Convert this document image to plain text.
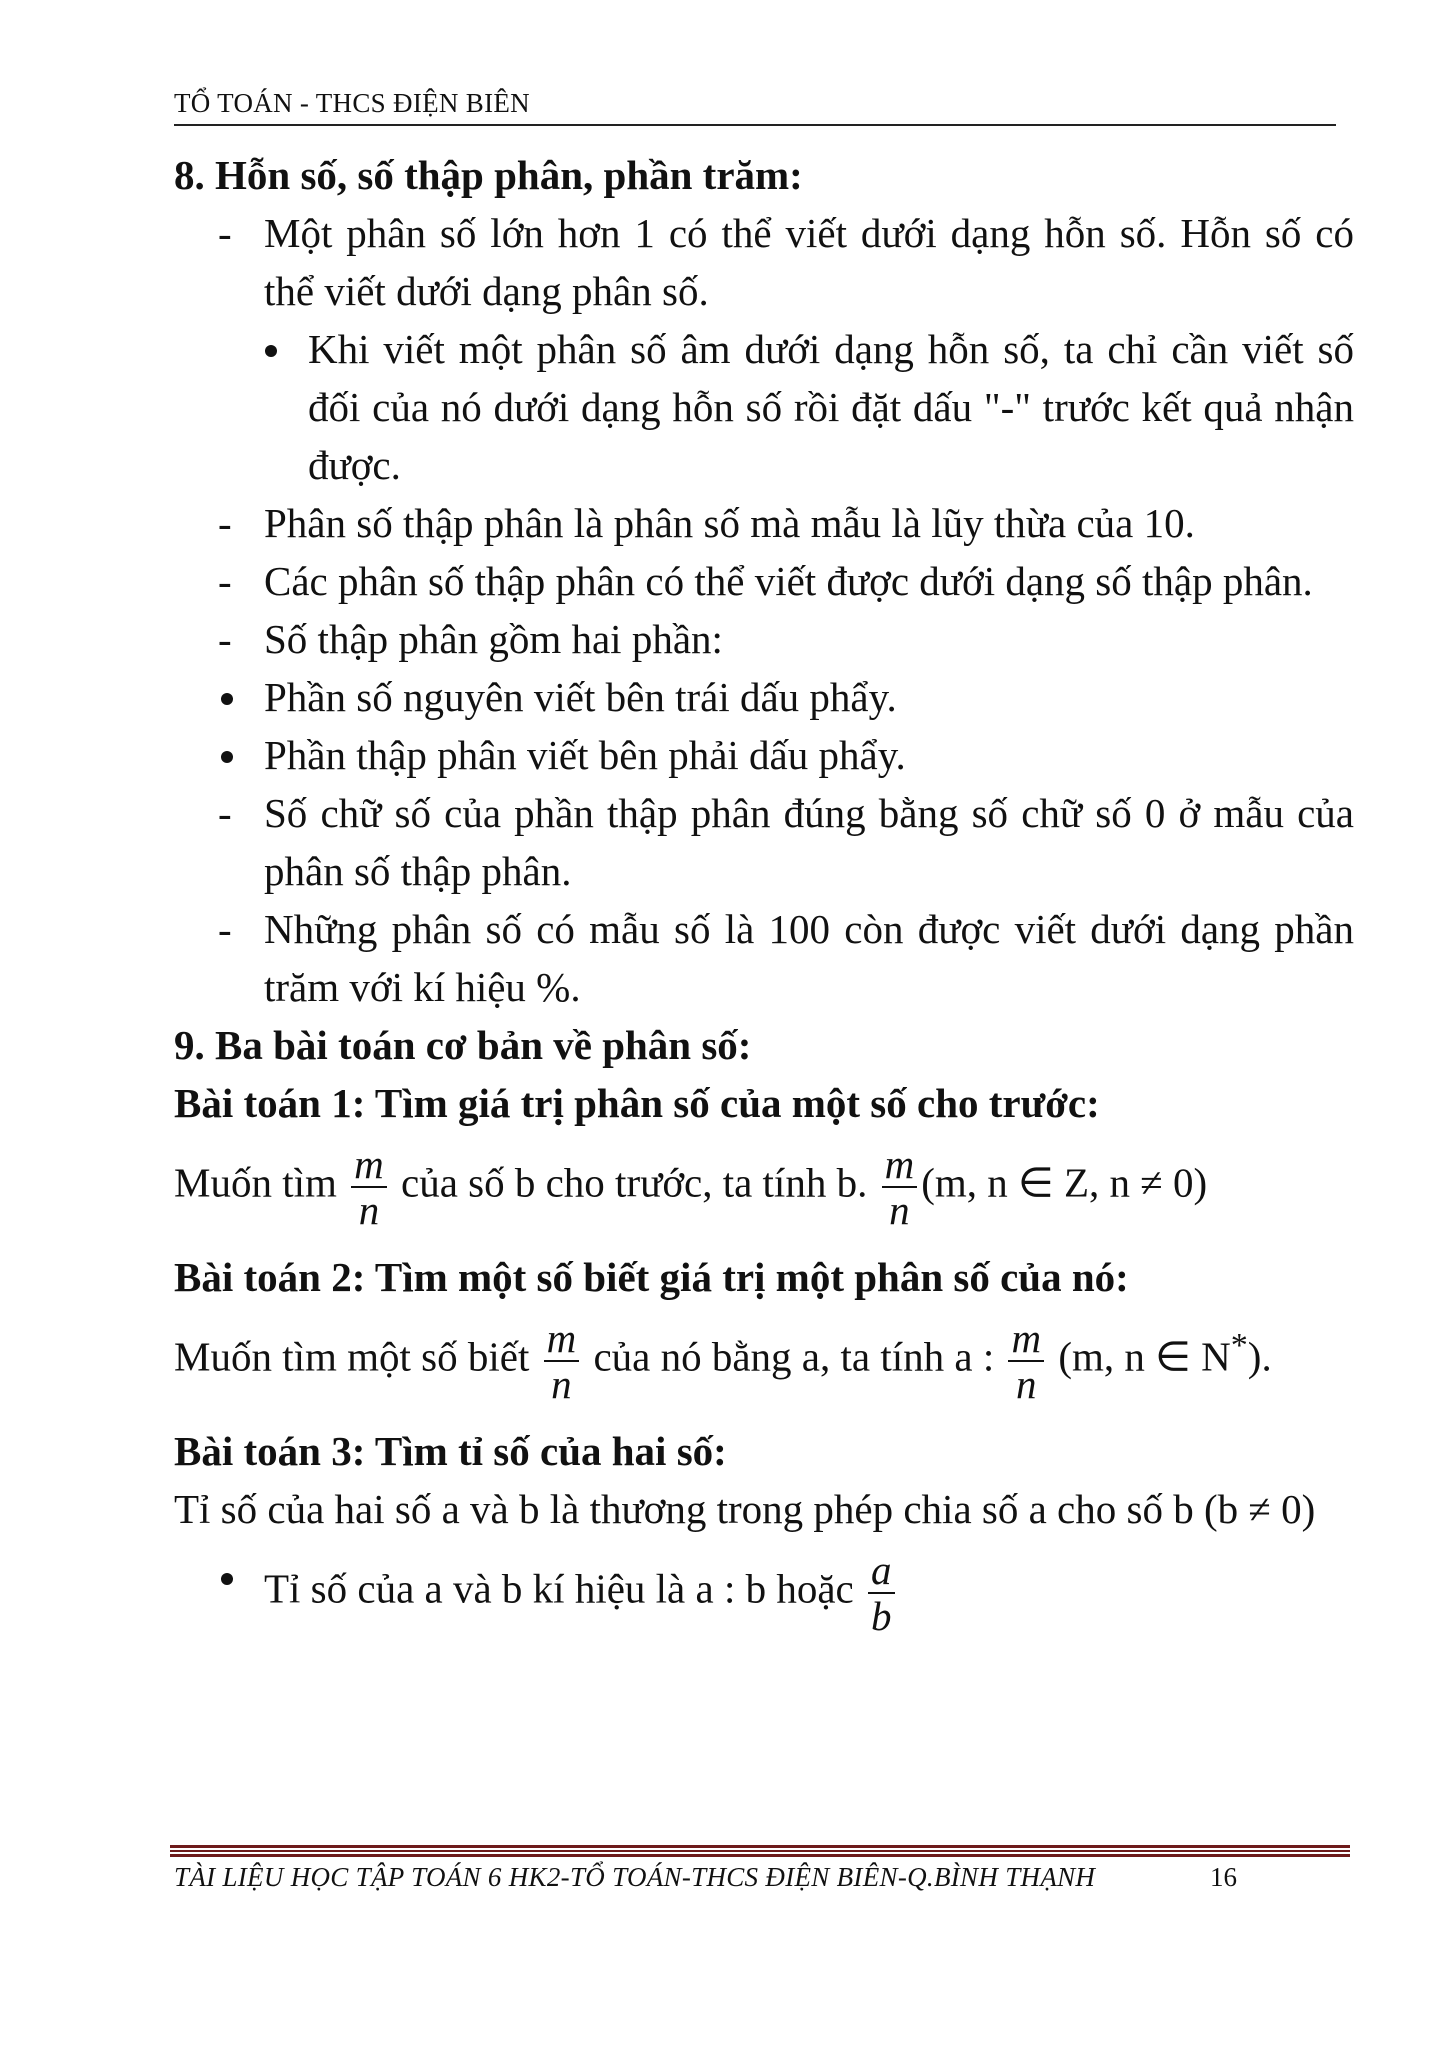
TỔ TOÁN - THCS ĐIỆN BIÊN

8. Hỗn số, số thập phân, phần trăm:

- Một phân số lớn hơn 1 có thể viết dưới dạng hỗn số. Hỗn số có thể viết dưới dạng phân số.

Khi viết một phân số âm dưới dạng hỗn số, ta chỉ cần viết số đối của nó dưới dạng hỗn số rồi đặt dấu "-" trước kết quả nhận được.

- Phân số thập phân là phân số mà mẫu là lũy thừa của 10.

- Các phân số thập phân có thể viết được dưới dạng số thập phân.

- Số thập phân gồm hai phần:

Phần số nguyên viết bên trái dấu phẩy.

Phần thập phân viết bên phải dấu phẩy.

- Số chữ số của phần thập phân đúng bằng số chữ số 0 ở mẫu của phân số thập phân.

- Những phân số có mẫu số là 100 còn được viết dưới dạng phần trăm với kí hiệu %.

9. Ba bài toán cơ bản về phân số:

Bài toán 1: Tìm giá trị phân số của một số cho trước:

Muốn tìm $\frac{m}{n}$ của số b cho trước, ta tính b. $\frac{m}{n} (m$, n ∈ Z, n ≠ 0)

Bài toán 2: Tìm một số biết giá trị một phân số của nó:

Muốn tìm một số biết $\frac{m}{n}$ của nó bằng a, ta tính a : $\frac{m}{n} (m$, n ∈ N*).

Bài toán 3: Tìm tỉ số của hai số:

Tỉ số của hai số a và b là thương trong phép chia số a cho số b (b ≠ 0)

Tỉ số của a và b kí hiệu là a : b hoặc $\frac{a}{b}$

TÀI LIỆU HỌC TẬP TOÁN 6 HK2-TỔ TOÁN-THCS ĐIỆN BIÊN-Q.BÌNH THẠNH	16
